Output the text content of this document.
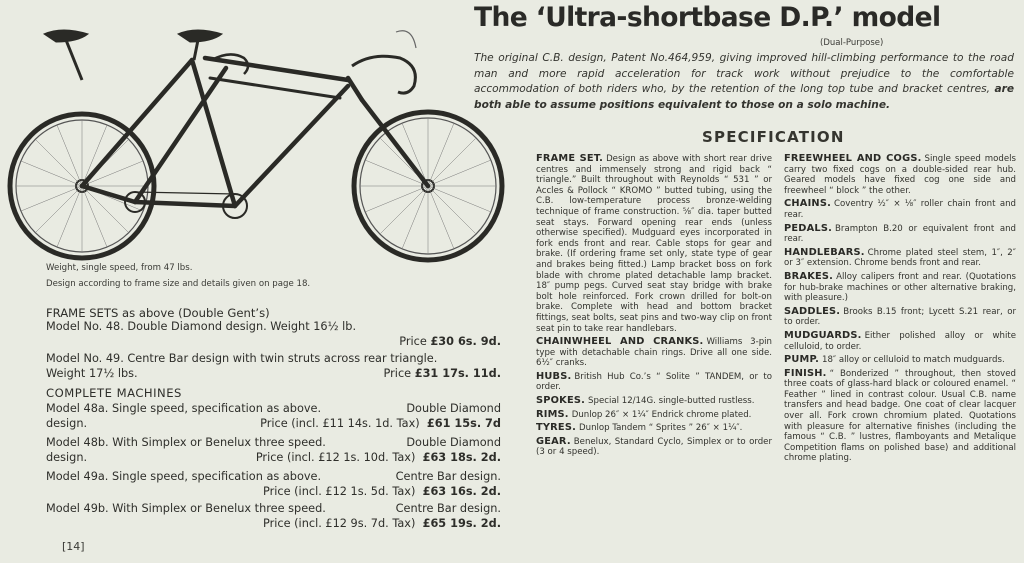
The ‘Ultra-shortbase D.P.’ model
(Dual-Purpose)
The original C.B. design, Patent No.464,959, giving improved hill-climbing performance to the road man and more rapid acceleration for track work without prejudice to the comfortable accommodation of both riders who, by the retention of the long top tube and bracket centres, are both able to assume positions equivalent to those on a solo machine.
Weight, single speed, from 47 lbs.
Design according to frame size and details given on page 18.
FRAME SETS as above (Double Gent’s)
Model No. 48. Double Diamond design. Weight 16½ lb.
Price £30 6s. 9d.
Model No. 49. Centre Bar design with twin struts across rear triangle.
Weight 17½ lbs.	Price £31 17s. 11d.
COMPLETE MACHINES
Model 48a. Single speed, specification as above.	Double Diamond
design.	Price (incl. £11 14s. 1d. Tax) £61 15s. 7d
Model 48b. With Simplex or Benelux three speed.	Double Diamond
design.	Price (incl. £12 1s. 10d. Tax) £63 18s. 2d.
Model 49a. Single speed, specification as above.	Centre Bar design.
Price (incl. £12 1s. 5d. Tax) £63 16s. 2d.
Model 49b. With Simplex or Benelux three speed.	Centre Bar design.
Price (incl. £12 9s. 7d. Tax) £65 19s. 2d.
[14]
SPECIFICATION

FRAME SET. Design as above with short rear drive centres and immensely strong and rigid back “ triangle.” Built throughout with Reynolds “ 531 ” or Accles & Pollock “ KROMO ” butted tubing, using the C.B. low-temperature process bronze-welding technique of frame construction. ⅝″ dia. taper butted seat stays. Forward opening rear ends (unless otherwise specified). Mudguard eyes incorporated in fork ends front and rear. Cable stops for gear and brake. (If ordering frame set only, state type of gear and brakes being fitted.) Lamp bracket boss on fork blade with chrome plated detachable lamp bracket. 18″ pump pegs. Curved seat stay bridge with brake bolt hole reinforced. Fork crown drilled for bolt-on brake. Complete with head and bottom bracket fittings, seat bolts, seat pins and two-way clip on front seat pin to take rear handlebars.

CHAINWHEEL AND CRANKS. Williams 3-pin type with detachable chain rings. Drive all one side. 6½″ cranks.

HUBS. British Hub Co.’s “ Solite ” TANDEM, or to order.

SPOKES. Special 12/14G. single-butted rustless.

RIMS. Dunlop 26″ × 1¼″ Endrick chrome plated.

TYRES. Dunlop Tandem “ Sprites ” 26″ × 1¼″.

GEAR. Benelux, Standard Cyclo, Simplex or to order (3 or 4 speed).

FREEWHEEL AND COGS. Single speed models carry two fixed cogs on a double-sided rear hub. Geared models have fixed cog one side and freewheel “ block ” the other.

CHAINS. Coventry ½″ × ⅛″ roller chain front and rear.

PEDALS. Brampton B.20 or equivalent front and rear.

HANDLEBARS. Chrome plated steel stem, 1″, 2″ or 3″ extension. Chrome bends front and rear.

BRAKES. Alloy calipers front and rear. (Quotations for hub-brake machines or other alternative braking, with pleasure.)

SADDLES. Brooks B.15 front; Lycett S.21 rear, or to order.

MUDGUARDS. Either polished alloy or white celluloid, to order.

PUMP. 18″ alloy or celluloid to match mudguards.

FINISH. “ Bonderized ” throughout, then stoved three coats of glass-hard black or coloured enamel. “ Feather ” lined in contrast colour. Usual C.B. name transfers and head badge. One coat of clear lacquer over all. Fork crown chromium plated. Quotations with pleasure for alternative finishes (including the famous “ C.B. ” lustres, flamboyants and Metalique Competition flams on polished base) and additional chrome plating.
